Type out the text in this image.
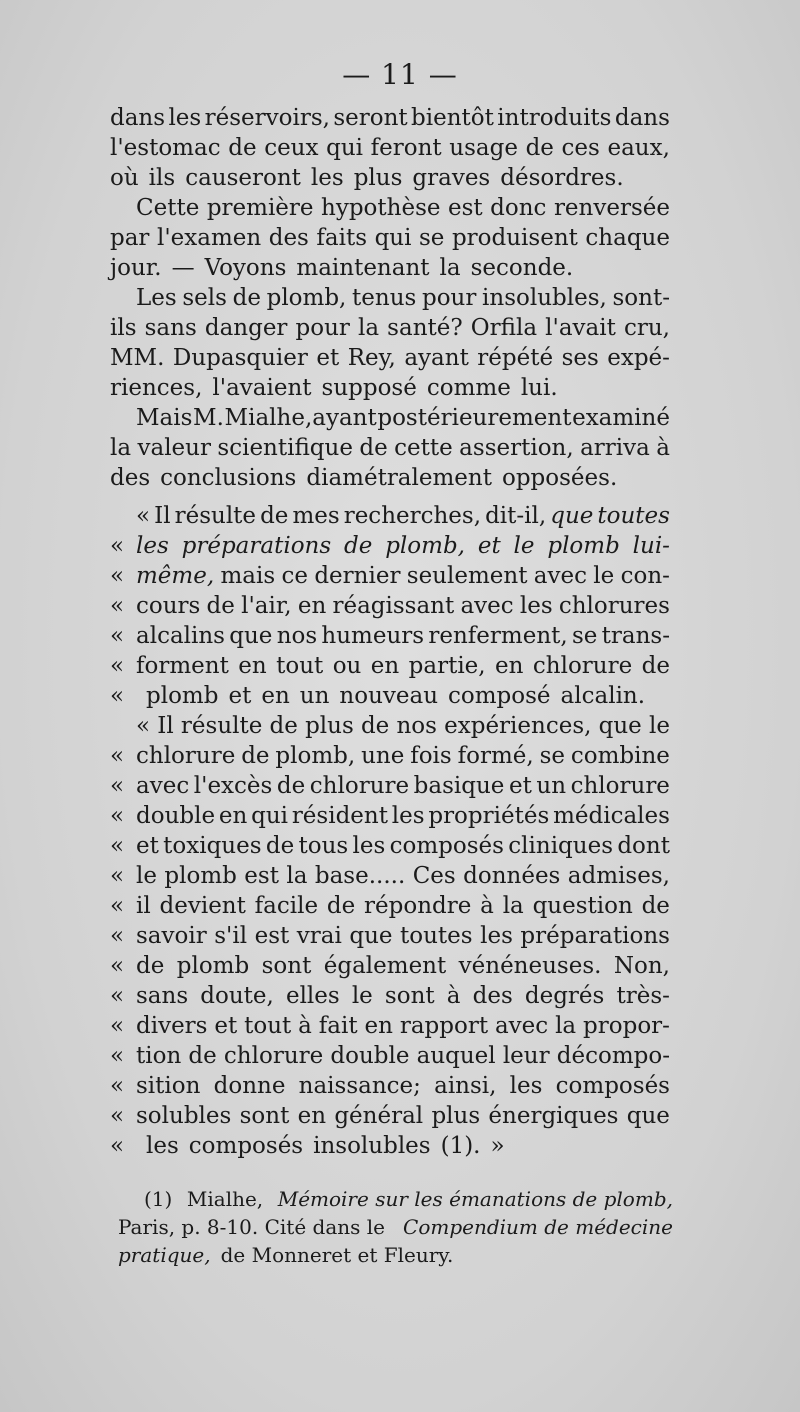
— 11 —
dans les réservoirs, seront bientôt introduits dans
l'estomac de ceux qui feront usage de ces eaux,
où ils causeront les plus graves désordres.
Cette première hypothèse est donc renversée
par l'examen des faits qui se produisent chaque
jour. — Voyons maintenant la seconde.
Les sels de plomb, tenus pour insolubles, sont-
ils sans danger pour la santé? Orfila l'avait cru,
MM. Dupasquier et Rey, ayant répété ses expé-
riences, l'avaient supposé comme lui.
Mais M. Mialhe,ayant postérieurement examiné
la valeur scientifique de cette assertion, arriva à
des conclusions diamétralement opposées.
« Il résulte de mes recherches, dit-il, que toutes
« les préparations de plomb, et le plomb lui-
« même, mais ce dernier seulement avec le con-
« cours de l'air, en réagissant avec les chlorures
« alcalins que nos humeurs renferment, se trans-
« forment en tout ou en partie, en chlorure de
« plomb et en un nouveau composé alcalin.
« Il résulte de plus de nos expériences, que le
« chlorure de plomb, une fois formé, se combine
« avec l'excès de chlorure basique et un chlorure
« double en qui résident les propriétés médicales
« et toxiques de tous les composés cliniques dont
« le plomb est la base..... Ces données admises,
« il devient facile de répondre à la question de
« savoir s'il est vrai que toutes les préparations
« de plomb sont également vénéneuses. Non,
« sans doute, elles le sont à des degrés très-
« divers et tout à fait en rapport avec la propor-
« tion de chlorure double auquel leur décompo-
« sition donne naissance; ainsi, les composés
« solubles sont en général plus énergiques que
« les composés insolubles (1). »
(1) Mialhe, Mémoire sur les émanations de plomb,
Paris, p. 8-10. Cité dans le Compendium de médecine
pratique, de Monneret et Fleury.
